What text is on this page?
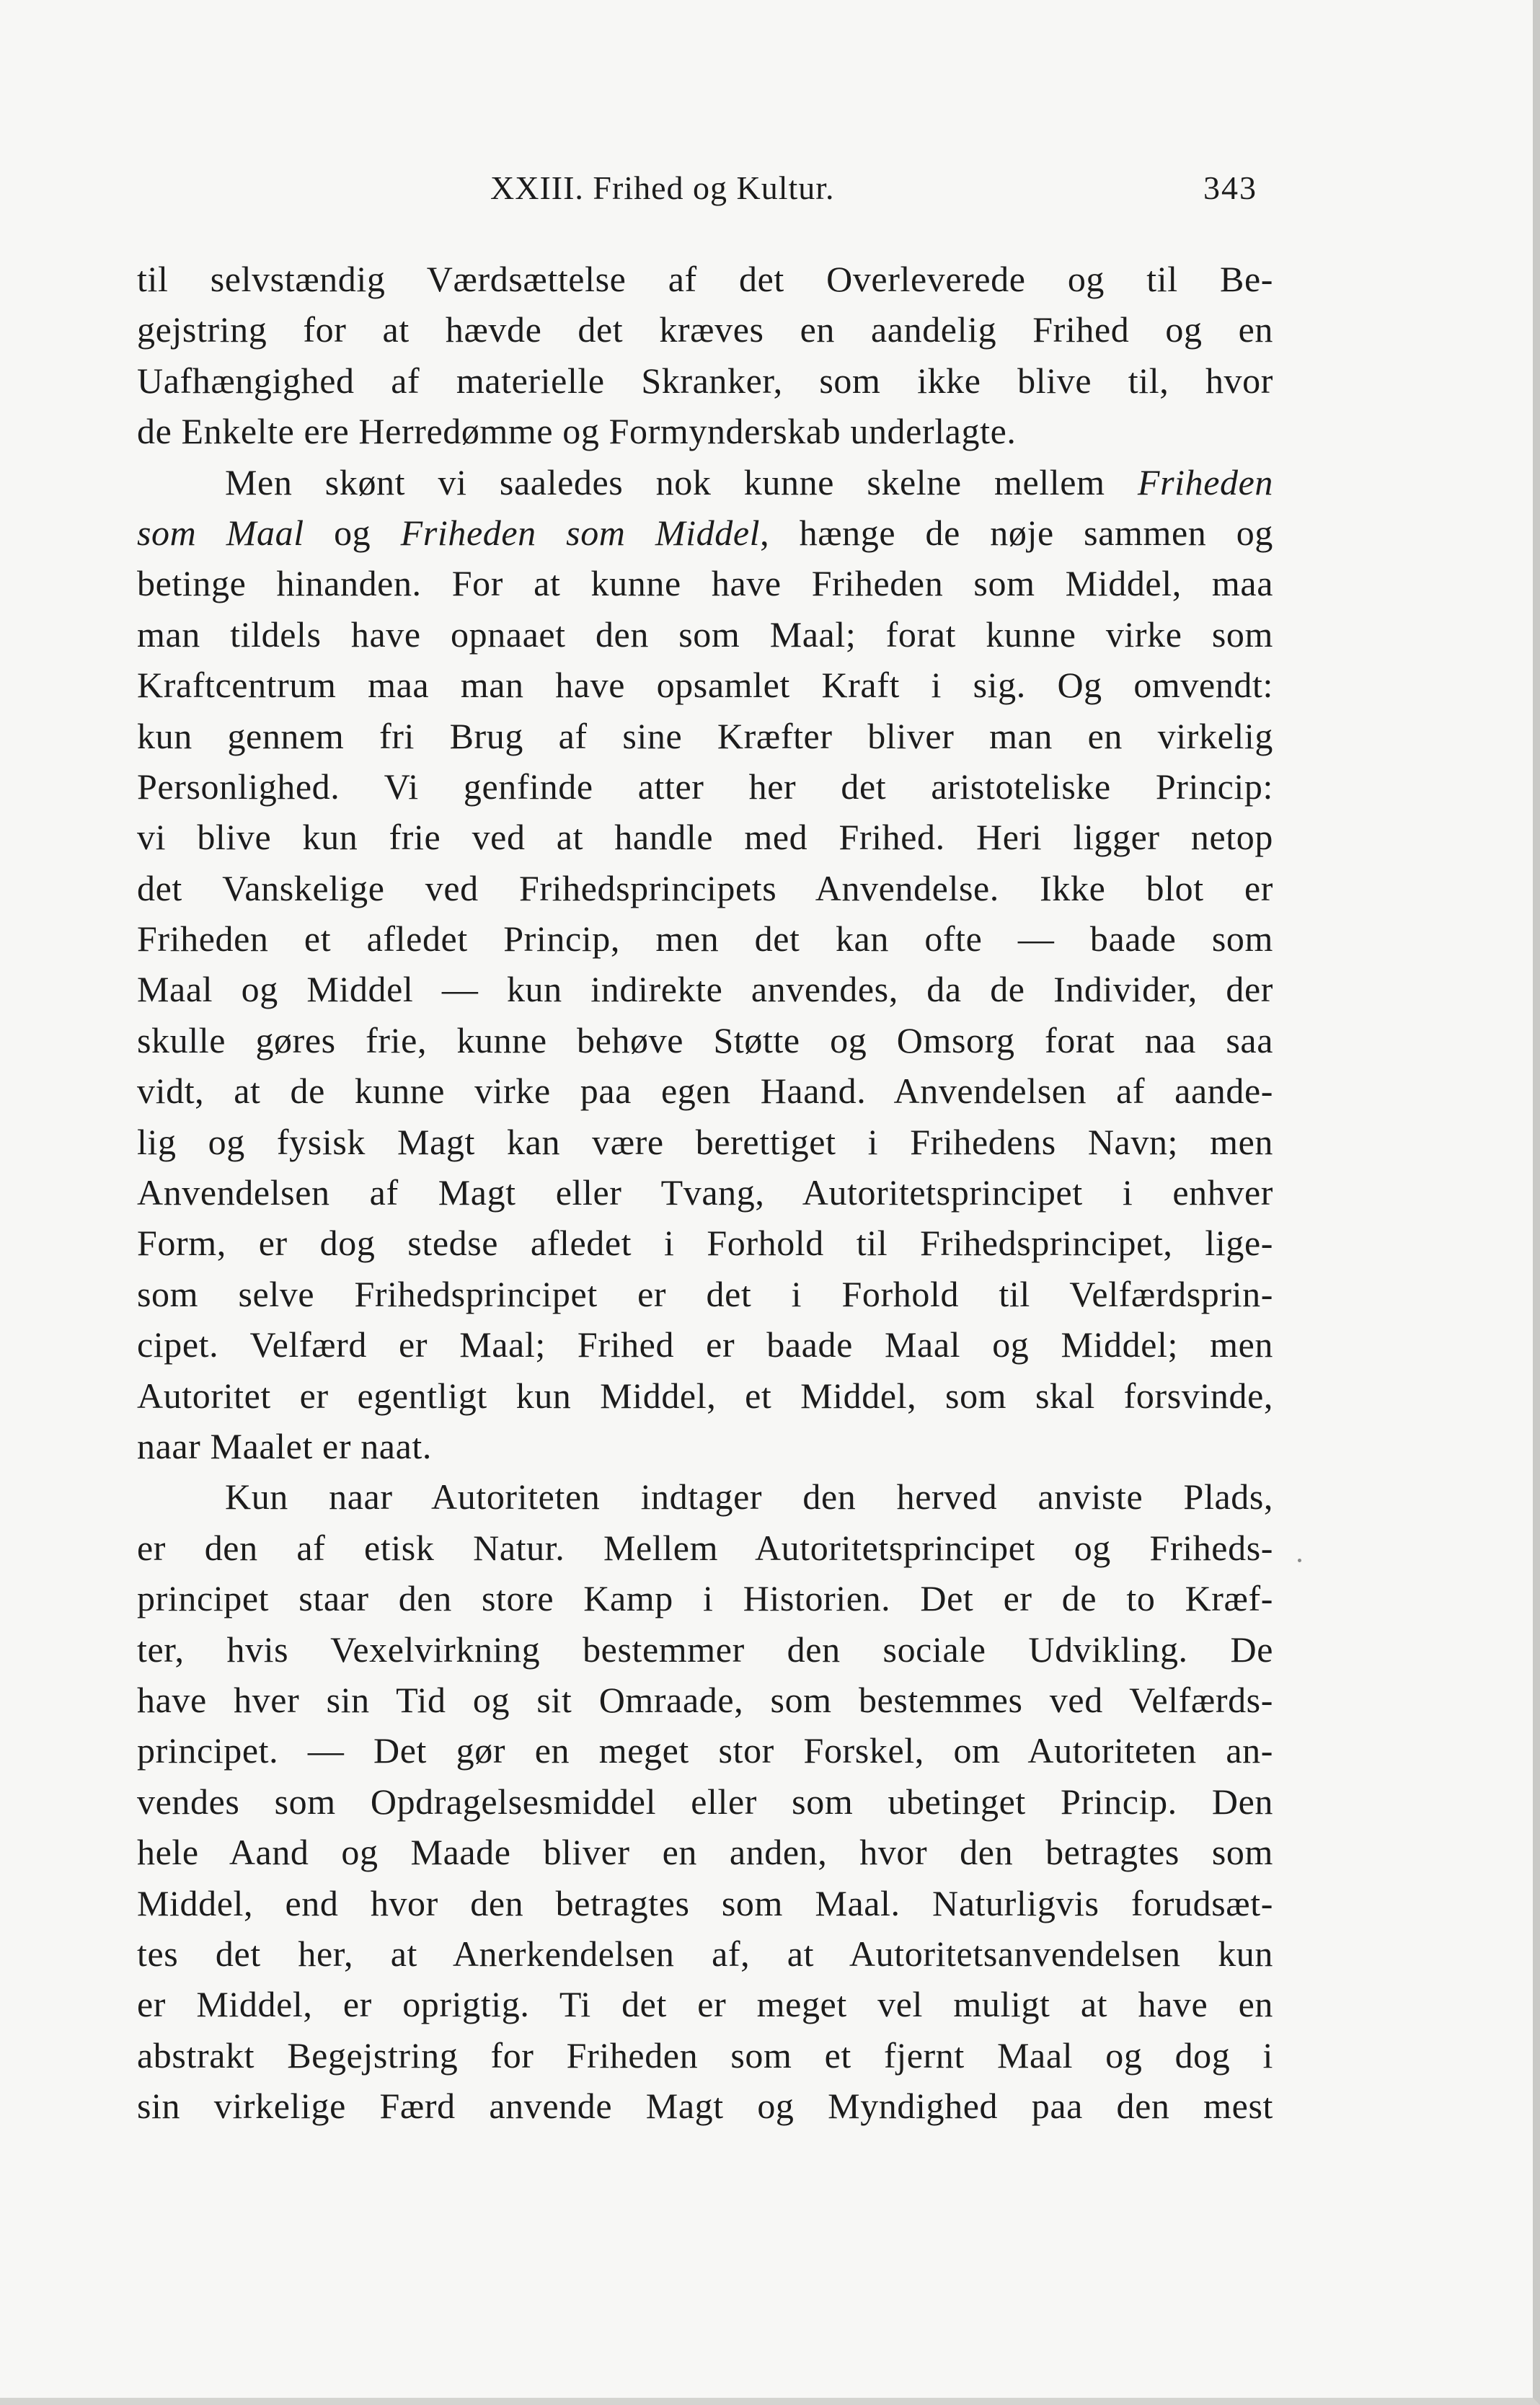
XXIII. Frihed og Kultur.	343
til selvstændig Værdsættelse af det Overleverede og til Be-
gejstring for at hævde det kræves en aandelig Frihed og en
Uafhængighed af materielle Skranker, som ikke blive til, hvor
de Enkelte ere Herredømme og Formynderskab underlagte.
Men skønt vi saaledes nok kunne skelne mellem Friheden
som Maal og Friheden som Middel, hænge de nøje sammen og
betinge hinanden. For at kunne have Friheden som Middel, maa
man tildels have opnaaet den som Maal; forat kunne virke som
Kraftcentrum maa man have opsamlet Kraft i sig. Og omvendt:
kun gennem fri Brug af sine Kræfter bliver man en virkelig
Personlighed. Vi genfinde atter her det aristoteliske Princip:
vi blive kun frie ved at handle med Frihed. Heri ligger netop
det Vanskelige ved Frihedsprincipets Anvendelse. Ikke blot er
Friheden et afledet Princip, men det kan ofte — baade som
Maal og Middel — kun indirekte anvendes, da de Individer, der
skulle gøres frie, kunne behøve Støtte og Omsorg forat naa saa
vidt, at de kunne virke paa egen Haand. Anvendelsen af aande-
lig og fysisk Magt kan være berettiget i Frihedens Navn; men
Anvendelsen af Magt eller Tvang, Autoritetsprincipet i enhver
Form, er dog stedse afledet i Forhold til Frihedsprincipet, lige-
som selve Frihedsprincipet er det i Forhold til Velfærdsprin-
cipet. Velfærd er Maal; Frihed er baade Maal og Middel; men
Autoritet er egentligt kun Middel, et Middel, som skal forsvinde,
naar Maalet er naat.
Kun naar Autoriteten indtager den herved anviste Plads,
er den af etisk Natur. Mellem Autoritetsprincipet og Friheds-
principet staar den store Kamp i Historien. Det er de to Kræf-
ter, hvis Vexelvirkning bestemmer den sociale Udvikling. De
have hver sin Tid og sit Omraade, som bestemmes ved Velfærds-
principet. — Det gør en meget stor Forskel, om Autoriteten an-
vendes som Opdragelsesmiddel eller som ubetinget Princip. Den
hele Aand og Maade bliver en anden, hvor den betragtes som
Middel, end hvor den betragtes som Maal. Naturligvis forudsæt-
tes det her, at Anerkendelsen af, at Autoritetsanvendelsen kun
er Middel, er oprigtig. Ti det er meget vel muligt at have en
abstrakt Begejstring for Friheden som et fjernt Maal og dog i
sin virkelige Færd anvende Magt og Myndighed paa den mest
